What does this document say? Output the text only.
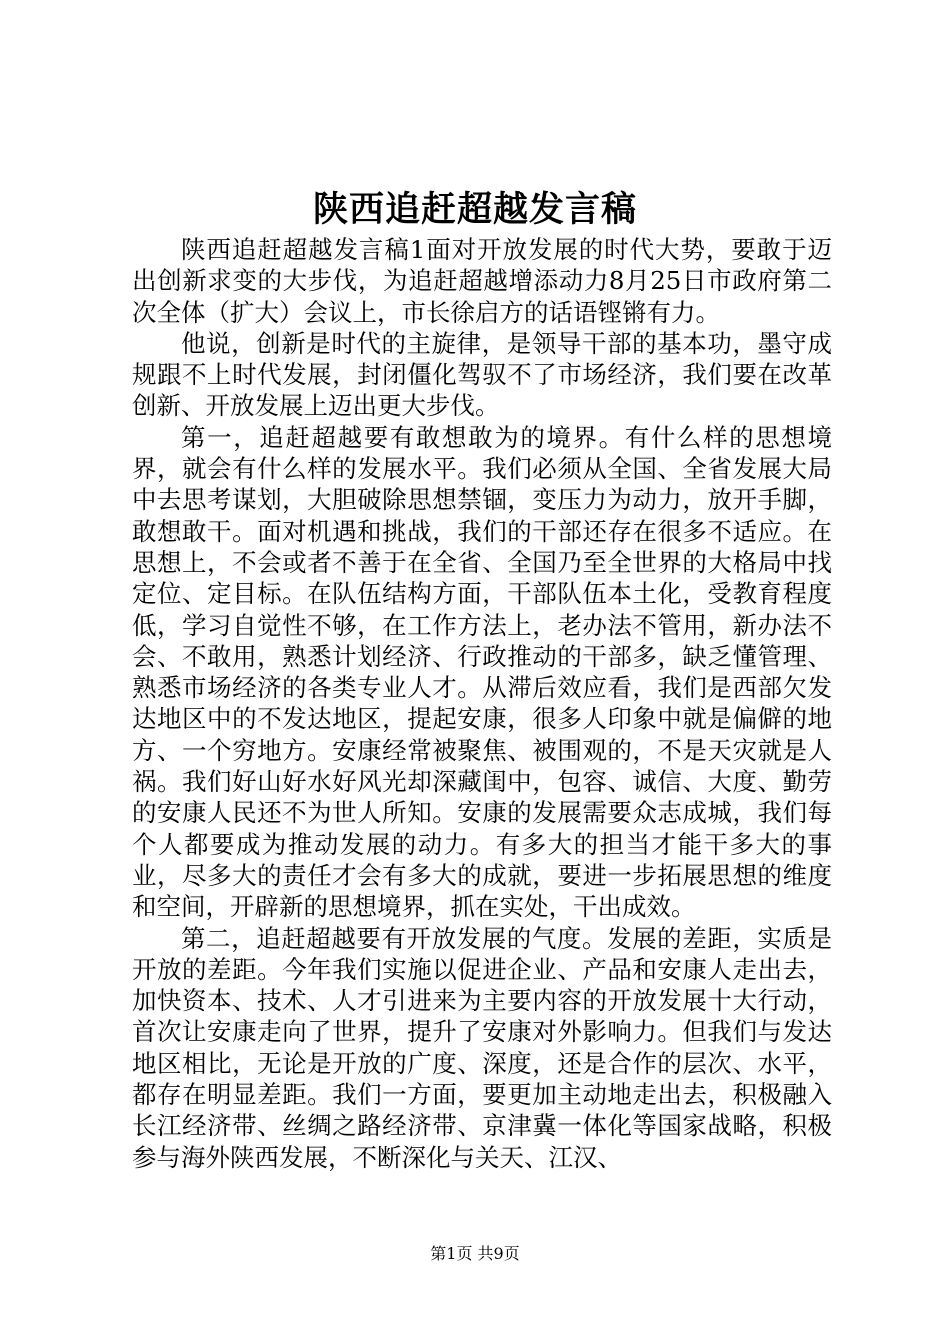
陕西追赶超越发言稿

陕西追赶超越发言稿1面对开放发展的时代大势，要敢于迈出创新求变的大步伐，为追赶超越增添动力8月25日市政府第二次全体（扩大）会议上，市长徐启方的话语铿锵有力。

他说，创新是时代的主旋律，是领导干部的基本功，墨守成规跟不上时代发展，封闭僵化驾驭不了市场经济，我们要在改革创新、开放发展上迈出更大步伐。

第一，追赶超越要有敢想敢为的境界。有什么样的思想境界，就会有什么样的发展水平。我们必须从全国、全省发展大局中去思考谋划，大胆破除思想禁锢，变压力为动力，放开手脚，敢想敢干。面对机遇和挑战，我们的干部还存在很多不适应。在思想上，不会或者不善于在全省、全国乃至全世界的大格局中找定位、定目标。在队伍结构方面，干部队伍本土化，受教育程度低，学习自觉性不够，在工作方法上，老办法不管用，新办法不会、不敢用，熟悉计划经济、行政推动的干部多，缺乏懂管理、熟悉市场经济的各类专业人才。从滞后效应看，我们是西部欠发达地区中的不发达地区，提起安康，很多人印象中就是偏僻的地方、一个穷地方。安康经常被聚焦、被围观的，不是天灾就是人祸。我们好山好水好风光却深藏闺中，包容、诚信、大度、勤劳的安康人民还不为世人所知。安康的发展需要众志成城，我们每个人都要成为推动发展的动力。有多大的担当才能干多大的事业，尽多大的责任才会有多大的成就，要进一步拓展思想的维度和空间，开辟新的思想境界，抓在实处，干出成效。

第二，追赶超越要有开放发展的气度。发展的差距，实质是开放的差距。今年我们实施以促进企业、产品和安康人走出去，加快资本、技术、人才引进来为主要内容的开放发展十大行动，首次让安康走向了世界，提升了安康对外影响力。但我们与发达地区相比，无论是开放的广度、深度，还是合作的层次、水平，都存在明显差距。我们一方面，要更加主动地走出去，积极融入长江经济带、丝绸之路经济带、京津冀一体化等国家战略，积极参与海外陕西发展，不断深化与关天、江汉、

第1页 共9页
